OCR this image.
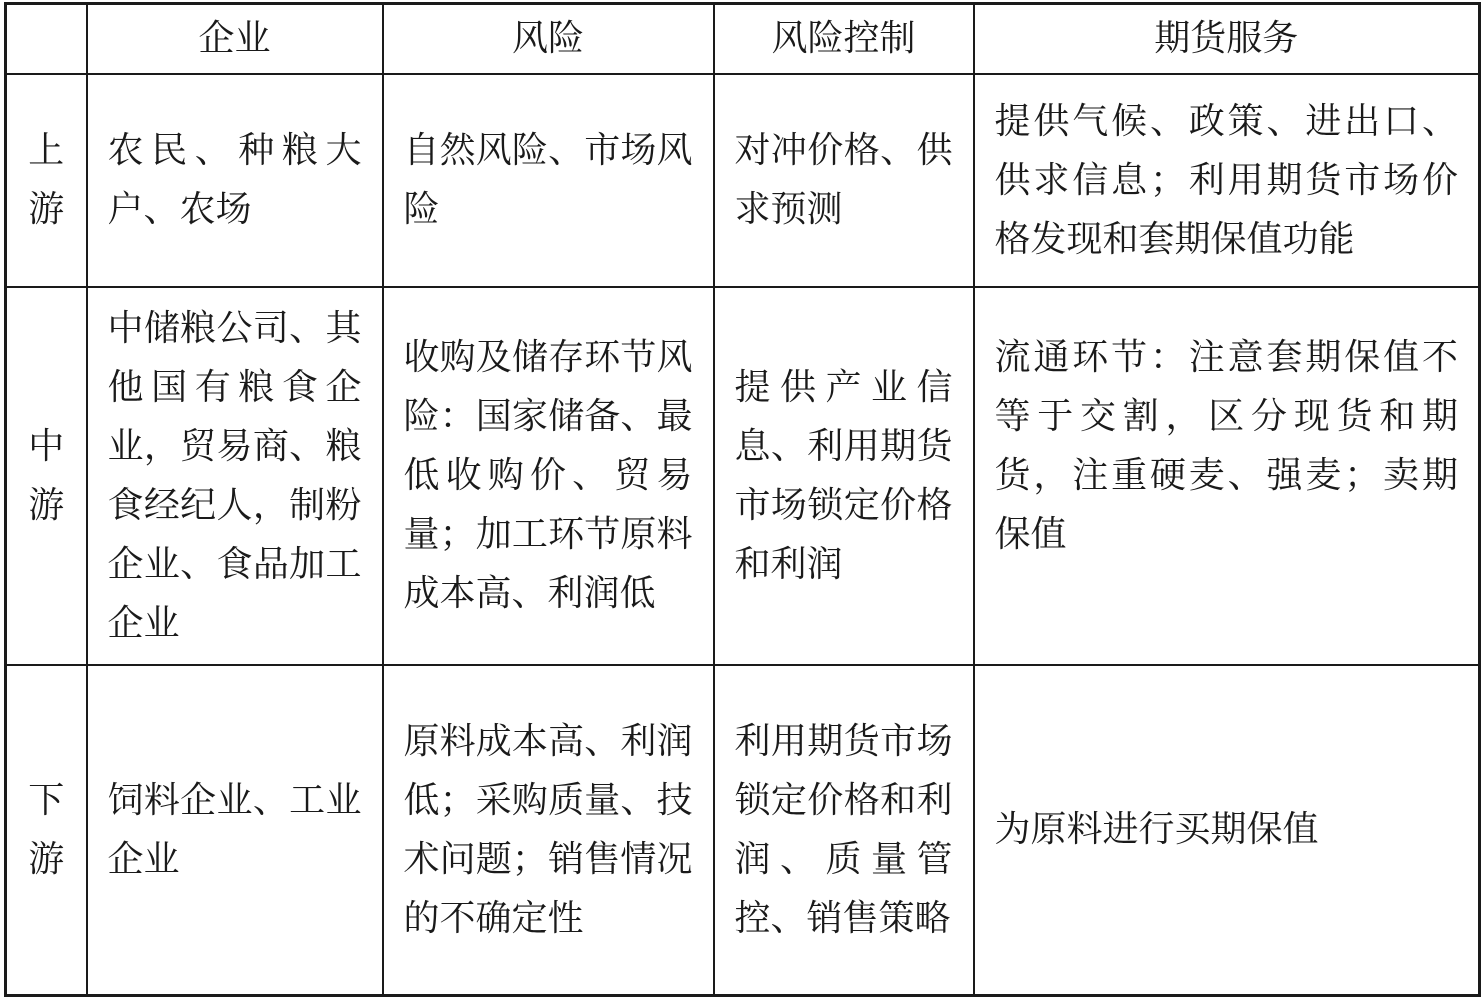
	企业	风险	风险控制	期货服务
上游	农民、种粮大户、农场	自然风险、市场风险	对冲价格、供求预测	提供气候、政策、进出口、供求信息；利用期货市场价格发现和套期保值功能
中游	中储粮公司、其他国有粮食企业，贸易商、粮食经纪人，制粉企业、食品加工企业	收购及储存环节风险：国家储备、最低收购价、贸易量；加工环节原料成本高、利润低	提供产业信息、利用期货市场锁定价格和利润	流通环节：注意套期保值不等于交割，区分现货和期货，注重硬麦、强麦；卖期保值
下游	饲料企业、工业企业	原料成本高、利润低；采购质量、技术问题；销售情况的不确定性	利用期货市场锁定价格和利润、质量管控、销售策略	为原料进行买期保值
